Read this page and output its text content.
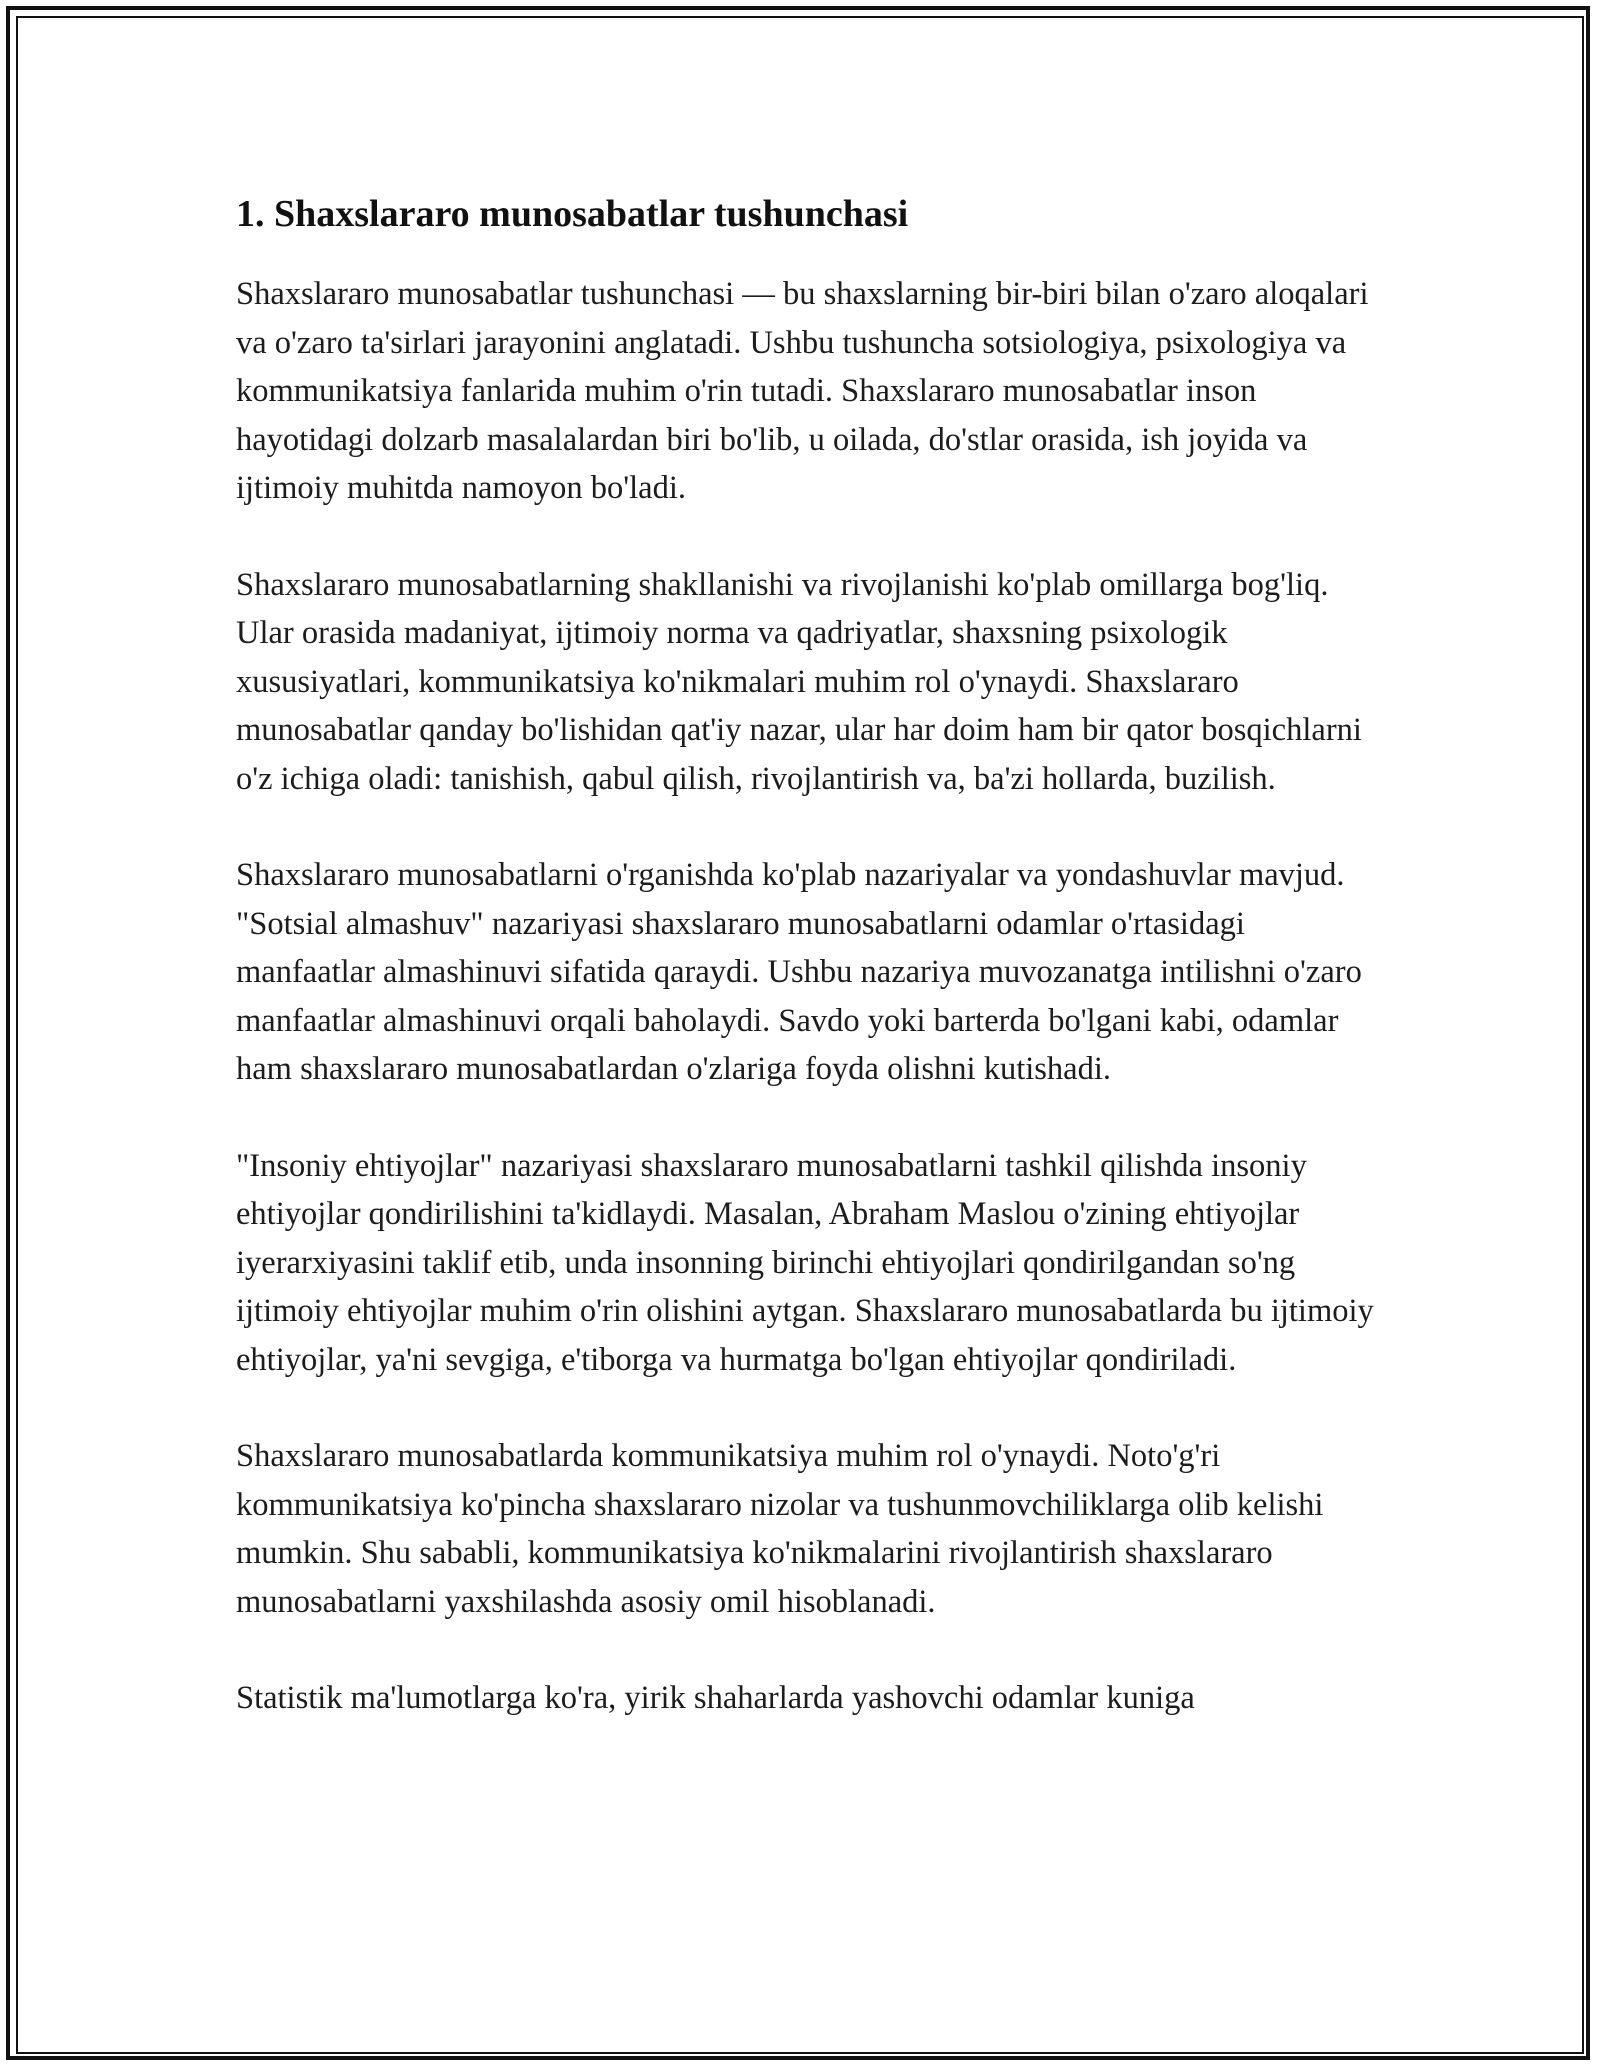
1. Shaxslararo munosabatlar tushunchasi

Shaxslararo munosabatlar tushunchasi — bu shaxslarning bir-biri bilan o'zaro aloqalari va o'zaro ta'sirlari jarayonini anglatadi. Ushbu tushuncha sotsiologiya, psixologiya va kommunikatsiya fanlarida muhim o'rin tutadi. Shaxslararo munosabatlar inson hayotidagi dolzarb masalalardan biri bo'lib, u oilada, do'stlar orasida, ish joyida va ijtimoiy muhitda namoyon bo'ladi.

Shaxslararo munosabatlarning shakllanishi va rivojlanishi ko'plab omillarga bog'liq. Ular orasida madaniyat, ijtimoiy norma va qadriyatlar, shaxsning psixologik xususiyatlari, kommunikatsiya ko'nikmalari muhim rol o'ynaydi. Shaxslararo munosabatlar qanday bo'lishidan qat'iy nazar, ular har doim ham bir qator bosqichlarni o'z ichiga oladi: tanishish, qabul qilish, rivojlantirish va, ba'zi hollarda, buzilish.

Shaxslararo munosabatlarni o'rganishda ko'plab nazariyalar va yondashuvlar mavjud. "Sotsial almashuv" nazariyasi shaxslararo munosabatlarni odamlar o'rtasidagi manfaatlar almashinuvi sifatida qaraydi. Ushbu nazariya muvozanatga intilishni o'zaro manfaatlar almashinuvi orqali baholaydi. Savdo yoki barterda bo'lgani kabi, odamlar ham shaxslararo munosabatlardan o'zlariga foyda olishni kutishadi.

"Insoniy ehtiyojlar" nazariyasi shaxslararo munosabatlarni tashkil qilishda insoniy ehtiyojlar qondirilishini ta'kidlaydi. Masalan, Abraham Maslou o'zining ehtiyojlar iyerarxiyasini taklif etib, unda insonning birinchi ehtiyojlari qondirilgandan so'ng ijtimoiy ehtiyojlar muhim o'rin olishini aytgan. Shaxslararo munosabatlarda bu ijtimoiy ehtiyojlar, ya'ni sevgiga, e'tiborga va hurmatga bo'lgan ehtiyojlar qondiriladi.

Shaxslararo munosabatlarda kommunikatsiya muhim rol o'ynaydi. Noto'g'ri kommunikatsiya ko'pincha shaxslararo nizolar va tushunmovchiliklarga olib kelishi mumkin. Shu sababli, kommunikatsiya ko'nikmalarini rivojlantirish shaxslararo munosabatlarni yaxshilashda asosiy omil hisoblanadi.

Statistik ma'lumotlarga ko'ra, yirik shaharlarda yashovchi odamlar kuniga
